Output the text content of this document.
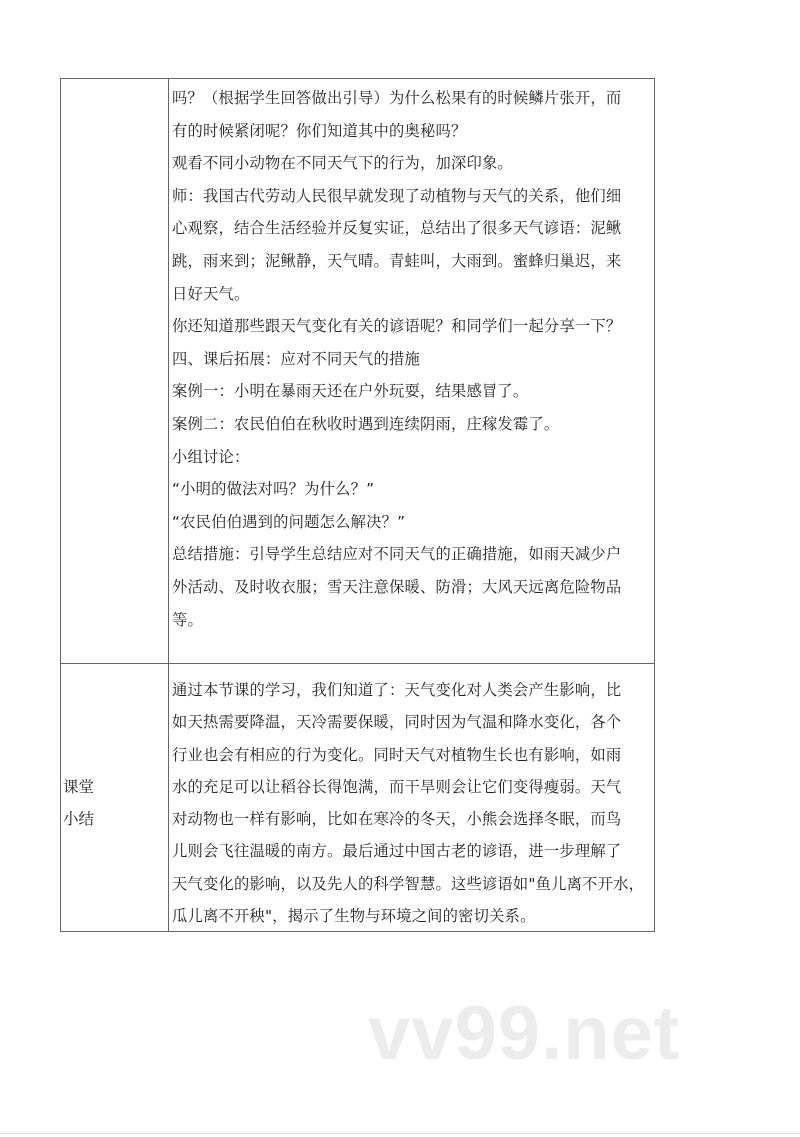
吗？（根据学生回答做出引导）为什么松果有的时候鳞片张开，而
有的时候紧闭呢？你们知道其中的奥秘吗？
观看不同小动物在不同天气下的行为，加深印象。
师：我国古代劳动人民很早就发现了动植物与天气的关系，他们细
心观察，结合生活经验并反复实证，总结出了很多天气谚语：泥鳅
跳，雨来到；泥鳅静，天气晴。青蛙叫，大雨到。蜜蜂归巢迟，来
日好天气。
你还知道那些跟天气变化有关的谚语呢？和同学们一起分享一下？
四、课后拓展：应对不同天气的措施
案例一：小明在暴雨天还在户外玩耍，结果感冒了。
案例二：农民伯伯在秋收时遇到连续阴雨，庄稼发霉了。
小组讨论：
“小明的做法对吗？为什么？”
“农民伯伯遇到的问题怎么解决？”
总结措施：引导学生总结应对不同天气的正确措施，如雨天减少户
外活动、及时收衣服；雪天注意保暖、防滑；大风天远离危险物品
等。
课堂
小结
通过本节课的学习，我们知道了：天气变化对人类会产生影响，比
如天热需要降温，天冷需要保暖，同时因为气温和降水变化，各个
行业也会有相应的行为变化。同时天气对植物生长也有影响，如雨
水的充足可以让稻谷长得饱满，而干旱则会让它们变得瘦弱。天气
对动物也一样有影响，比如在寒冷的冬天，小熊会选择冬眠，而鸟
儿则会飞往温暖的南方。最后通过中国古老的谚语，进一步理解了
天气变化的影响，以及先人的科学智慧。这些谚语如"鱼儿离不开水，
瓜儿离不开秧"，揭示了生物与环境之间的密切关系。
vv99.net
